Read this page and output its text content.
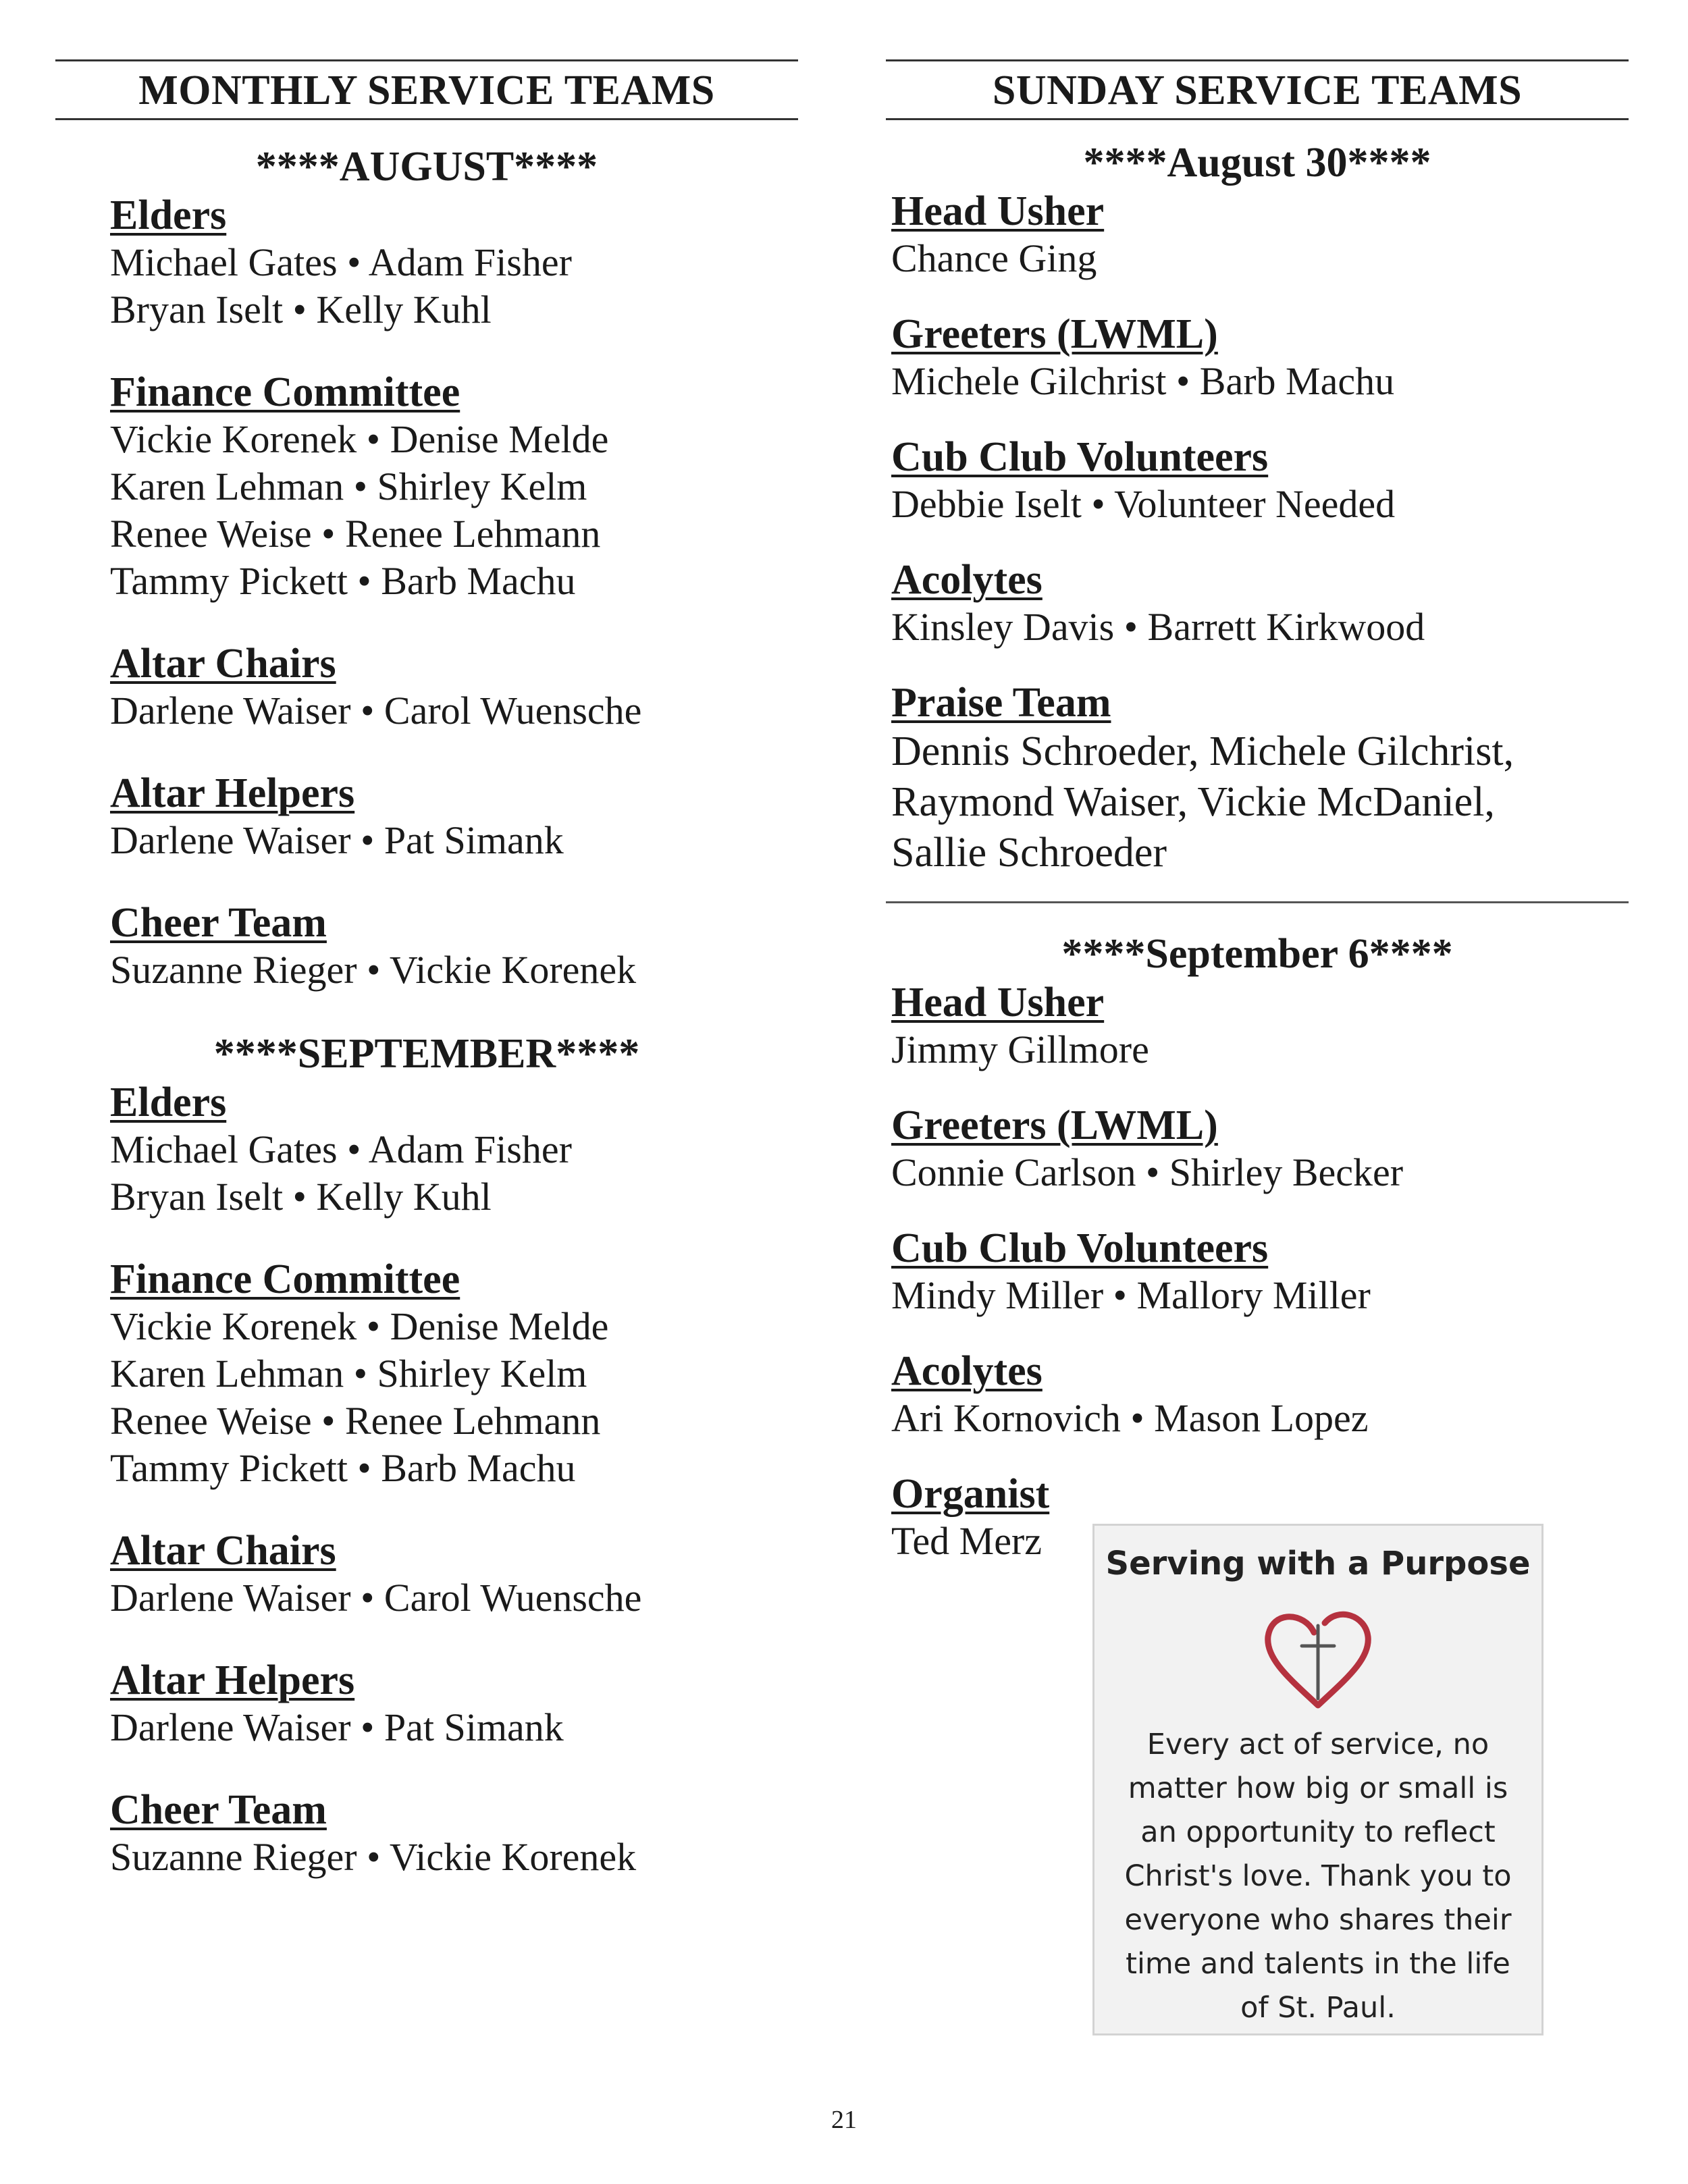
MONTHLY SERVICE TEAMS
****AUGUST****
Elders
Michael Gates • Adam Fisher
Bryan Iselt • Kelly Kuhl
Finance Committee
Vickie Korenek • Denise Melde
Karen Lehman • Shirley Kelm
Renee Weise • Renee Lehmann
Tammy Pickett • Barb Machu
Altar Chairs
Darlene Waiser • Carol Wuensche
Altar Helpers
Darlene Waiser • Pat Simank
Cheer Team
Suzanne Rieger • Vickie Korenek
****SEPTEMBER****
Elders
Michael Gates • Adam Fisher
Bryan Iselt • Kelly Kuhl
Finance Committee
Vickie Korenek • Denise Melde
Karen Lehman • Shirley Kelm
Renee Weise • Renee Lehmann
Tammy Pickett • Barb Machu
Altar Chairs
Darlene Waiser • Carol Wuensche
Altar Helpers
Darlene Waiser • Pat Simank
Cheer Team
Suzanne Rieger • Vickie Korenek
SUNDAY SERVICE TEAMS
****August 30****
Head Usher
Chance Ging
Greeters (LWML)
Michele Gilchrist • Barb Machu
Cub Club Volunteers
Debbie Iselt • Volunteer Needed
Acolytes
Kinsley Davis • Barrett Kirkwood
Praise Team
Dennis Schroeder, Michele Gilchrist,
Raymond Waiser, Vickie McDaniel,
Sallie Schroeder
****September 6****
Head Usher
Jimmy Gillmore
Greeters (LWML)
Connie Carlson • Shirley Becker
Cub Club Volunteers
Mindy Miller • Mallory Miller
Acolytes
Ari Kornovich • Mason Lopez
Organist
Ted Merz
Serving with a Purpose
Every act of service, no
matter how big or small is
an opportunity to reflect
Christ's love. Thank you to
everyone who shares their
time and talents in the life
of St. Paul.
21
